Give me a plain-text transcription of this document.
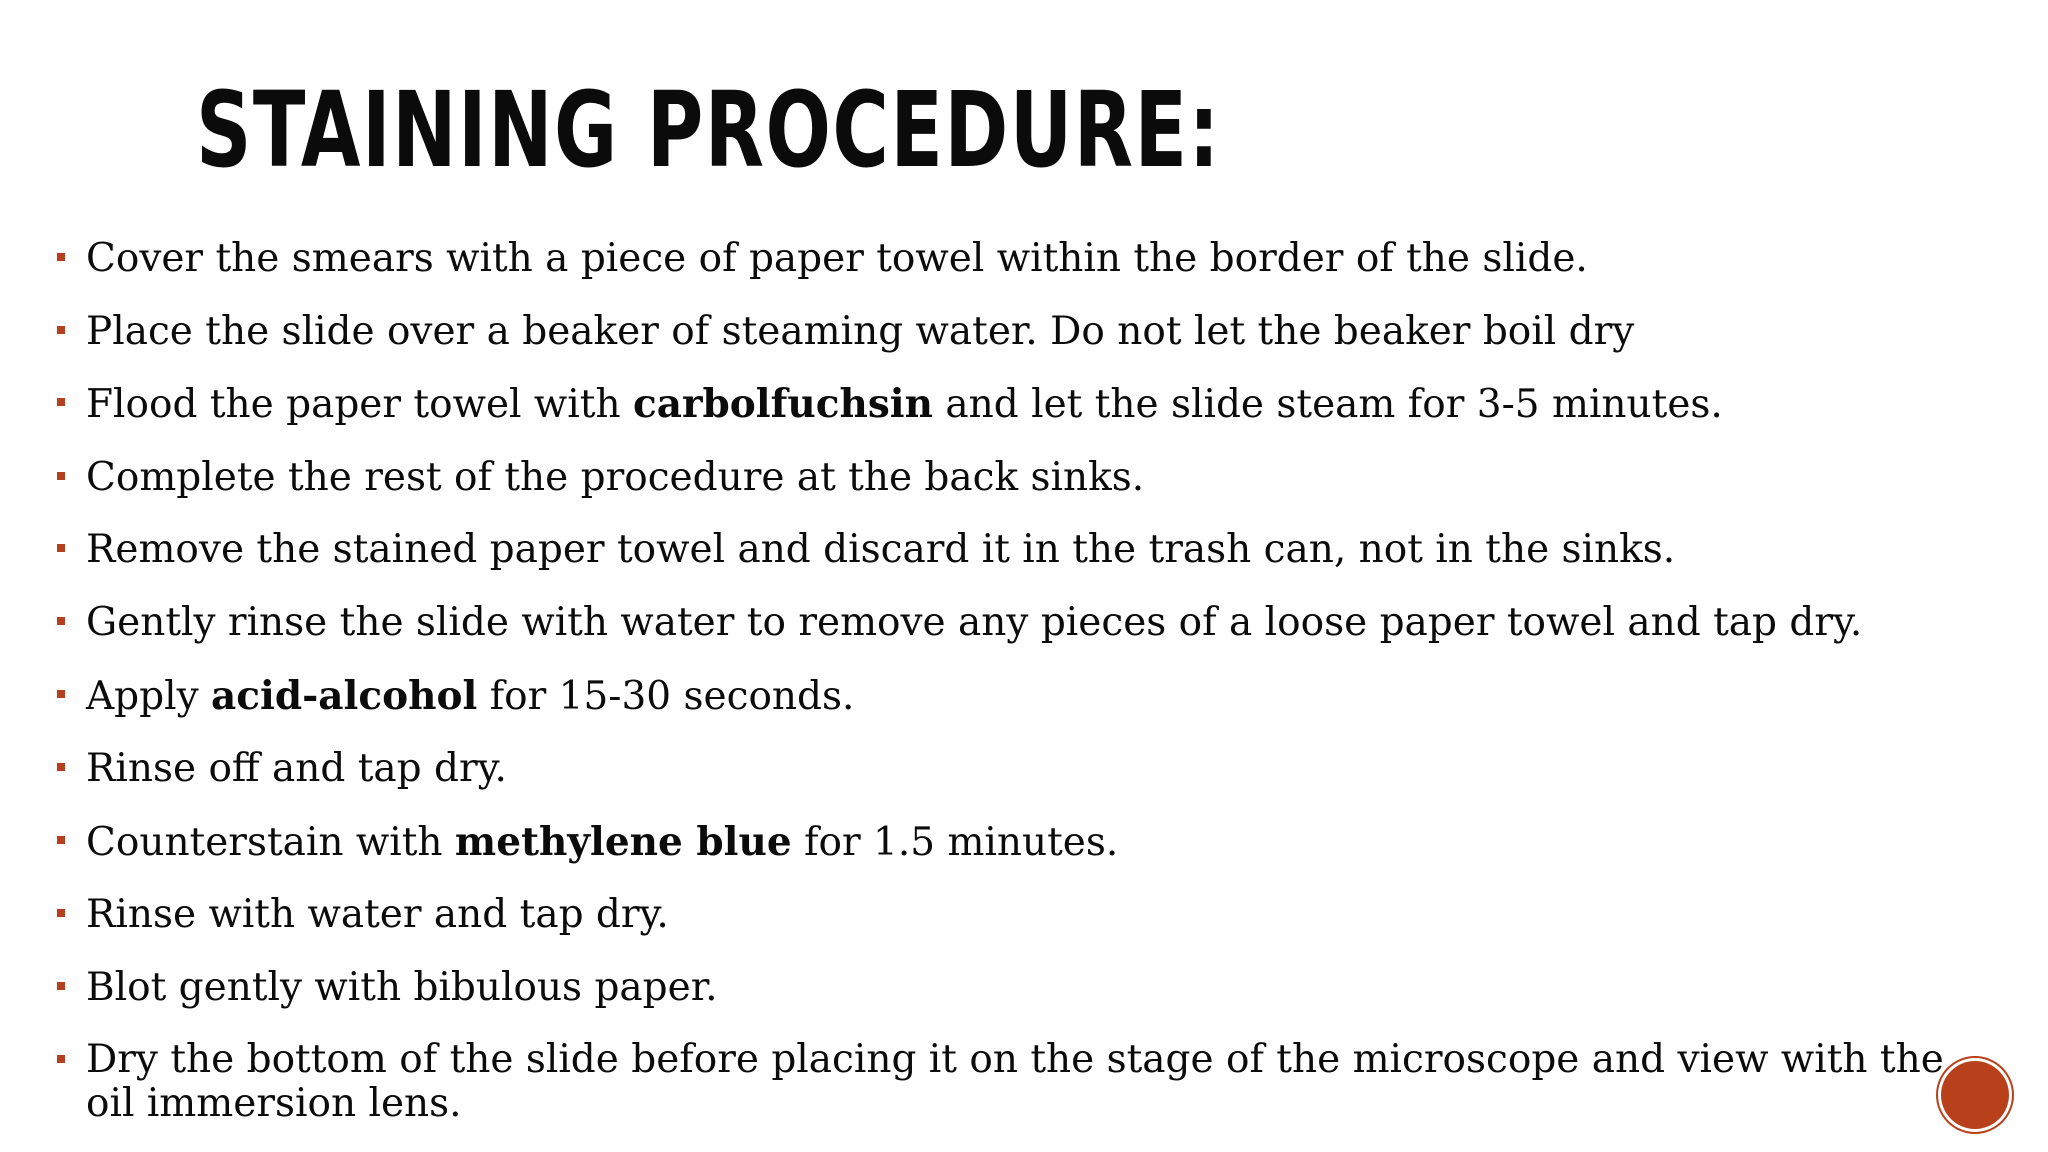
STAINING PROCEDURE:
Cover the smears with a piece of paper towel within the border of the slide.
Place the slide over a beaker of steaming water. Do not let the beaker boil dry
Flood the paper towel with carbolfuchsin and let the slide steam for 3-5 minutes.
Complete the rest of the procedure at the back sinks.
Remove the stained paper towel and discard it in the trash can, not in the sinks.
Gently rinse the slide with water to remove any pieces of a loose paper towel and tap dry.
Apply acid-alcohol for 15-30 seconds.
Rinse off and tap dry.
Counterstain with methylene blue for 1.5 minutes.
Rinse with water and tap dry.
Blot gently with bibulous paper.
Dry the bottom of the slide before placing it on the stage of the microscope and view with the oil immersion lens.
